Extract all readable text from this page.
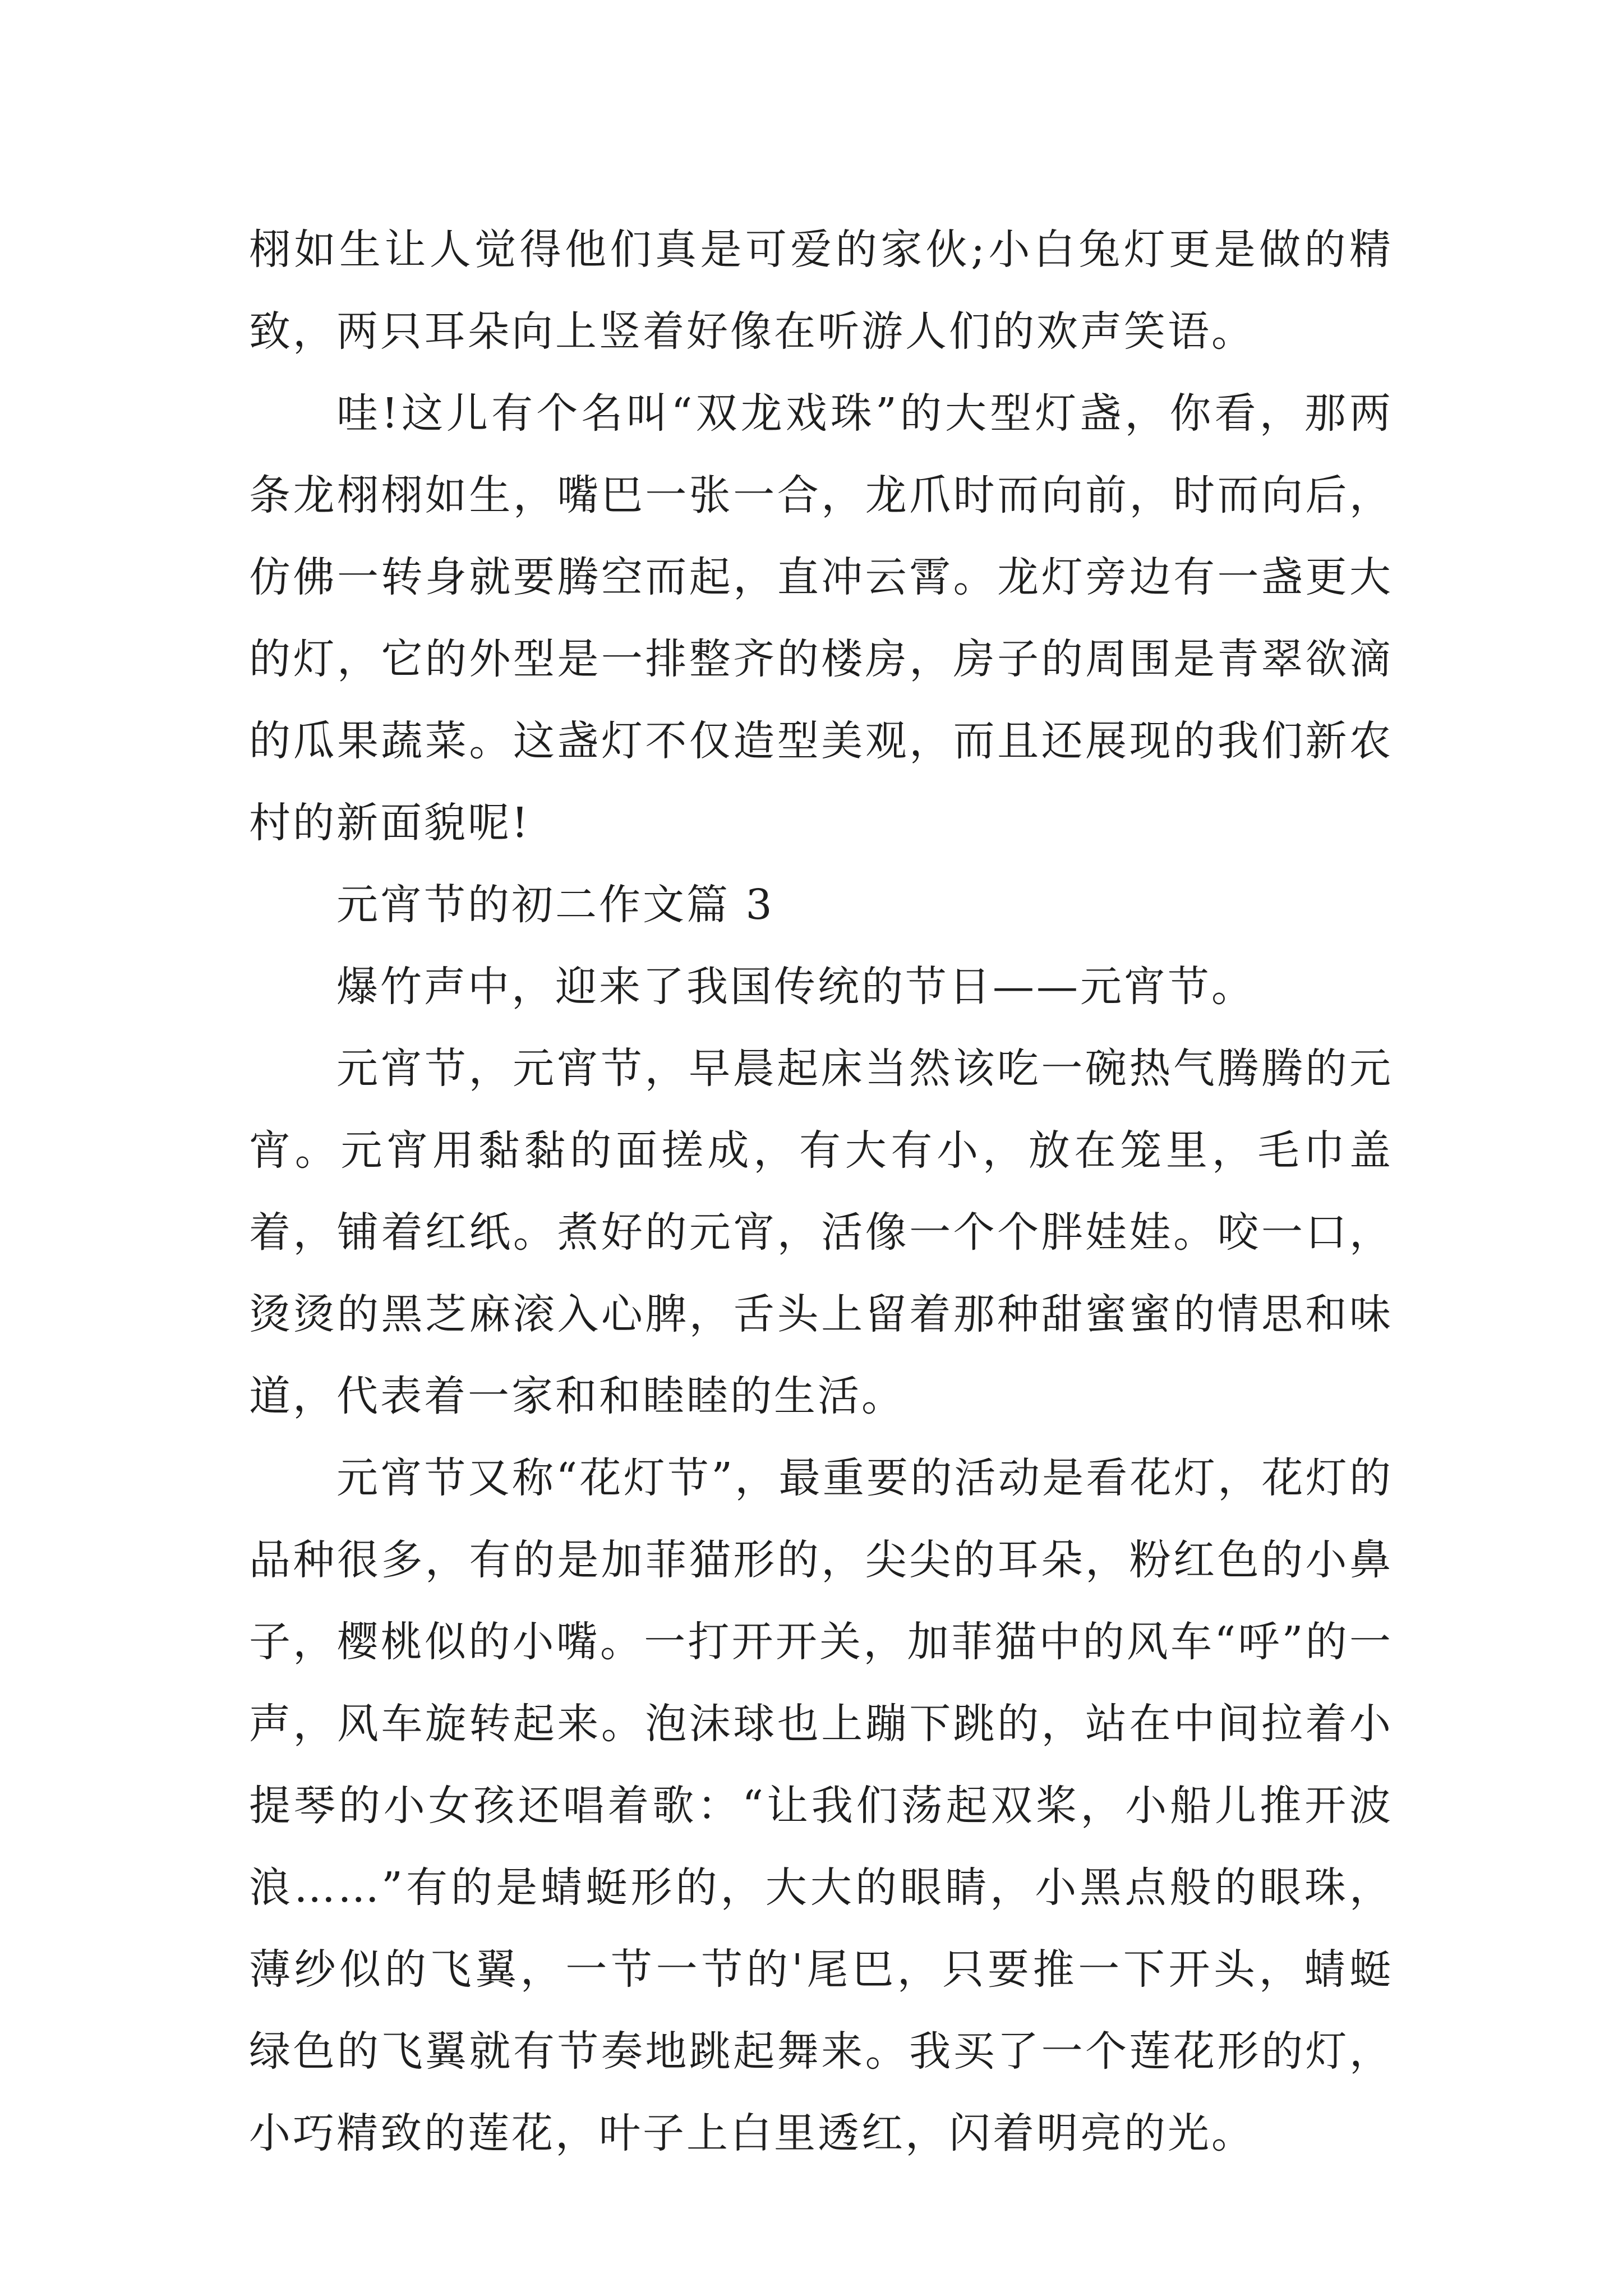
栩如生让人觉得他们真是可爱的家伙;小白兔灯更是做的精致，两只耳朵向上竖着好像在听游人们的欢声笑语。

哇!这儿有个名叫“双龙戏珠”的大型灯盏，你看，那两条龙栩栩如生，嘴巴一张一合，龙爪时而向前，时而向后，仿佛一转身就要腾空而起，直冲云霄。龙灯旁边有一盏更大的灯，它的外型是一排整齐的楼房，房子的周围是青翠欲滴的瓜果蔬菜。这盏灯不仅造型美观，而且还展现的我们新农村的新面貌呢!

元宵节的初二作文篇 3

爆竹声中，迎来了我国传统的节日——元宵节。

元宵节，元宵节，早晨起床当然该吃一碗热气腾腾的元宵。元宵用黏黏的面搓成，有大有小，放在笼里，毛巾盖着，铺着红纸。煮好的元宵，活像一个个胖娃娃。咬一口，烫烫的黑芝麻滚入心脾，舌头上留着那种甜蜜蜜的情思和味道，代表着一家和和睦睦的生活。

元宵节又称“花灯节”，最重要的活动是看花灯，花灯的品种很多，有的是加菲猫形的，尖尖的耳朵，粉红色的小鼻子，樱桃似的小嘴。一打开开关，加菲猫中的风车“呼”的一声，风车旋转起来。泡沫球也上蹦下跳的，站在中间拉着小提琴的小女孩还唱着歌：“让我们荡起双桨，小船儿推开波浪……”有的是蜻蜓形的，大大的眼睛，小黑点般的眼珠，薄纱似的飞翼，一节一节的'尾巴，只要推一下开头，蜻蜓绿色的飞翼就有节奏地跳起舞来。我买了一个莲花形的灯，小巧精致的莲花，叶子上白里透红，闪着明亮的光。
